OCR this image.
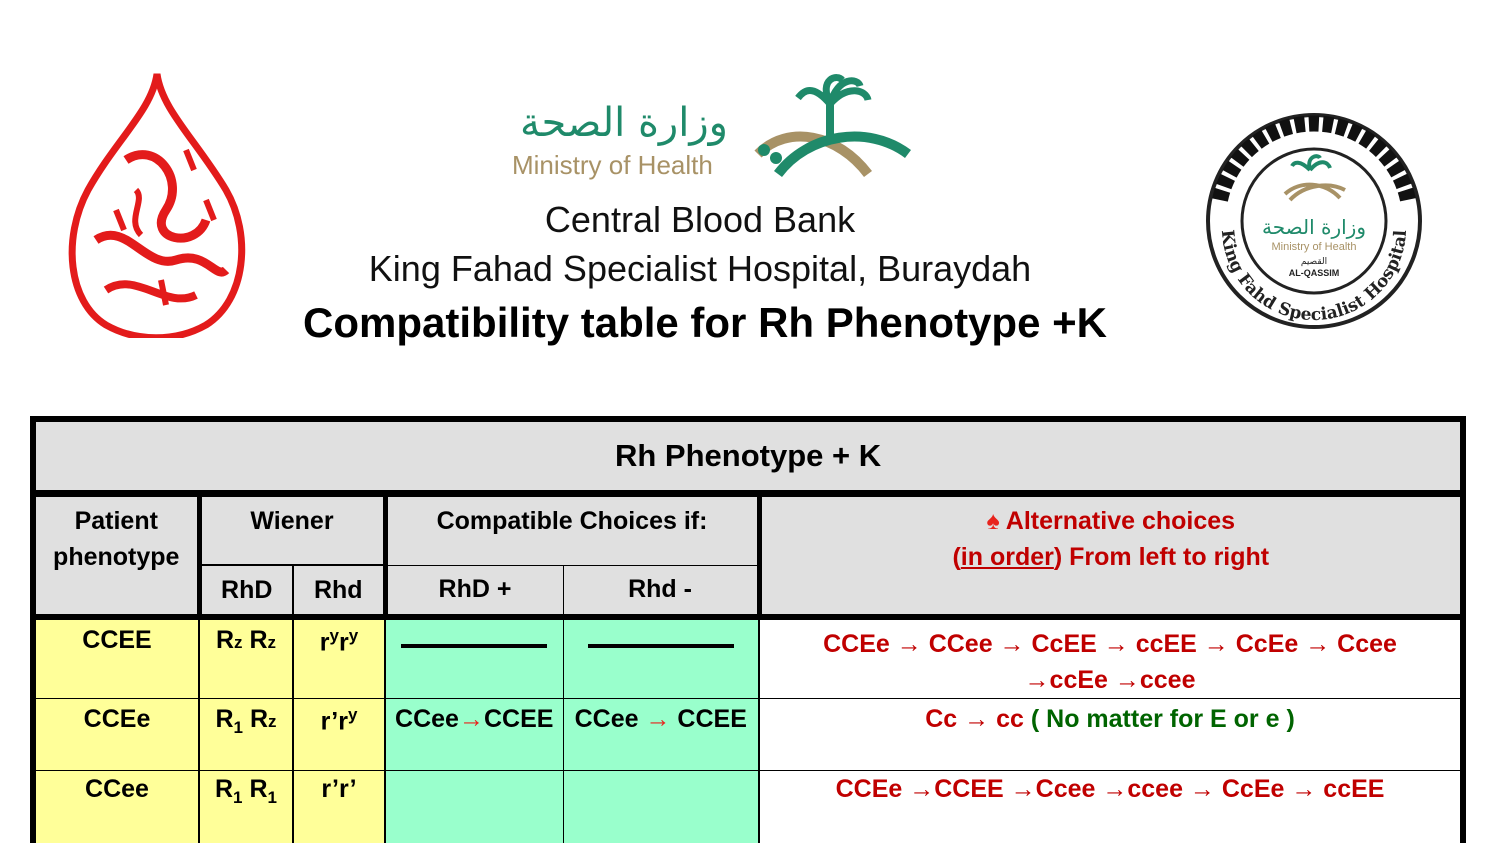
وزارة الصحة
Ministry of Health
King Fahd Specialist Hospital
وزارة الصحة
Ministry of Health
القصيم
AL-QASSIM
Central Blood Bank
King Fahad Specialist Hospital, Buraydah
Compatibility table for Rh Phenotype +K
Rh Phenotype + K					
Patient phenotype	Wiener		Compatible Choices if:		♠ Alternative choices
(in order) From left to right
	RhD	Rhd	RhD +	Rhd -	
CCEE	Rz Rz	$r^yr^y$			CCEe → CCee → CcEE → ccEE → CcEe → Ccee →ccEe →ccee
CCEe	$R_1$ Rz	$r’r^y$	CCee→CCEE	CCee → CCEE	Cc → cc ( No matter for E or e )
CCee	$R_1$ $R_1$	r’r’			CCEe →CCEE →Ccee →ccee → CcEe → ccEE
